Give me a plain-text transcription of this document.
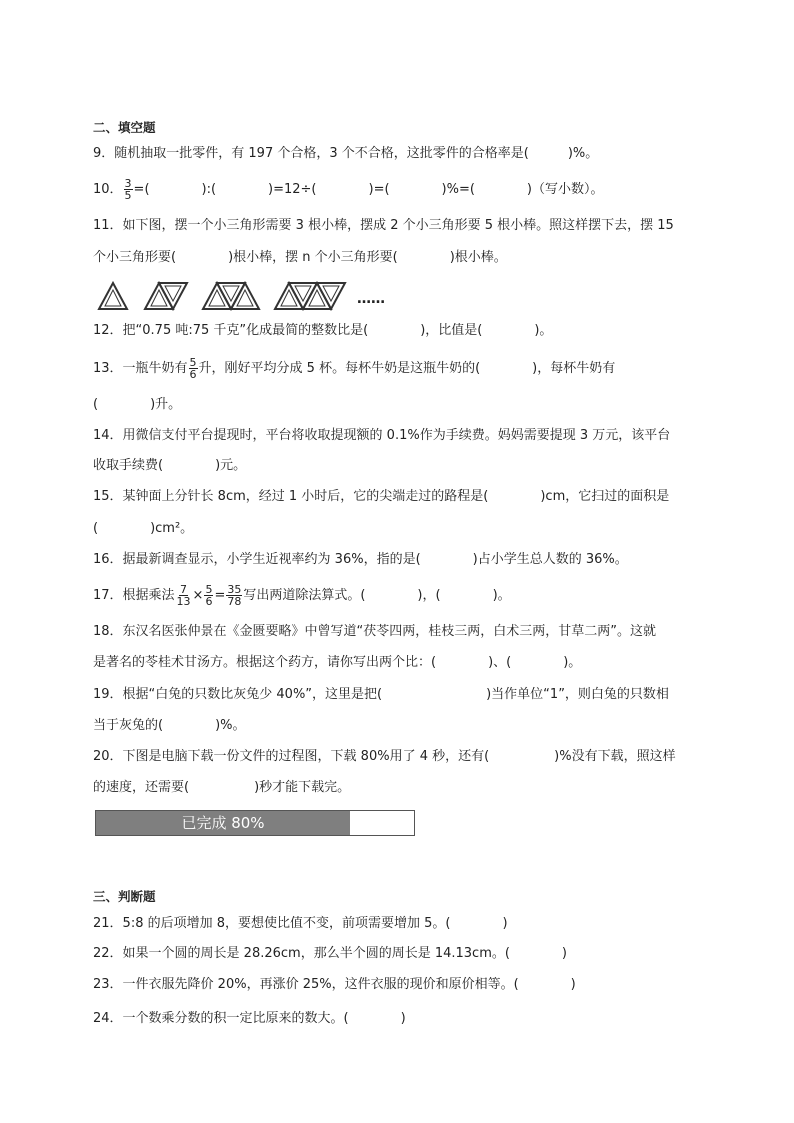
二、填空题
9．随机抽取一批零件，有 197 个合格，3 个不合格，这批零件的合格率是(　　　)%。
10． $\frac{3}{5}$ =(　　　　):(　　　　)=12÷(　　　　)=(　　　　)%=(　　　　)（写小数）。
11．如下图，摆一个小三角形需要 3 根小棒，摆成 2 个小三角形要 5 根小棒。照这样摆下去，摆 15
个小三角形要(　　　　)根小棒，摆 n 个小三角形要(　　　　)根小棒。
……
12．把“0.75 吨:75 千克”化成最简的整数比是(　　　　)，比值是(　　　　)。
13．一瓶牛奶有 $\frac{5}{6}$ 升，刚好平均分成 5 杯。每杯牛奶是这瓶牛奶的(　　　　)，每杯牛奶有
(　　　　)升。
14．用微信支付平台提现时，平台将收取提现额的 0.1%作为手续费。妈妈需要提现 3 万元，该平台
收取手续费(　　　　)元。
15．某钟面上分针长 8cm，经过 1 小时后，它的尖端走过的路程是(　　　　)cm，它扫过的面积是
(　　　　)cm²。
16．据最新调查显示，小学生近视率约为 36%，指的是(　　　　)占小学生总人数的 36%。
17．根据乘法 $\frac{7}{13} \times \frac{5}{6} = \frac{35}{78}$ 写出两道除法算式。(　　　　)，(　　　　)。
18．东汉名医张仲景在《金匮要略》中曾写道“茯苓四两，桂枝三两，白术三两，甘草二两”。这就
是著名的苓桂术甘汤方。根据这个药方，请你写出两个比：(　　　　)、(　　　　)。
19．根据“白兔的只数比灰兔少 40%”，这里是把(　　　　　　　　)当作单位“1”，则白兔的只数相
当于灰兔的(　　　　)%。
20．下图是电脑下载一份文件的过程图，下载 80%用了 4 秒，还有(　　　　　)%没有下载，照这样
的速度，还需要(　　　　　)秒才能下载完。
已完成 80%
三、判断题
21．5:8 的后项增加 8，要想使比值不变，前项需要增加 5。(　　　　)
22．如果一个圆的周长是 28.26cm，那么半个圆的周长是 14.13cm。(　　　　)
23．一件衣服先降价 20%，再涨价 25%，这件衣服的现价和原价相等。(　　　　)
24．一个数乘分数的积一定比原来的数大。(　　　　)
